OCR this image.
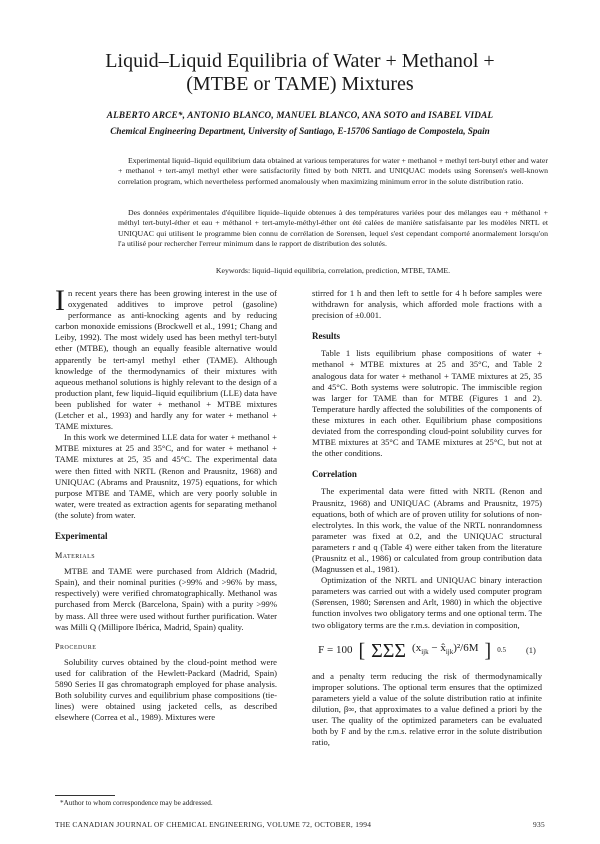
Liquid–Liquid Equilibria of Water + Methanol +
(MTBE or TAME) Mixtures
ALBERTO ARCE*, ANTONIO BLANCO, MANUEL BLANCO, ANA SOTO and ISABEL VIDAL
Chemical Engineering Department, University of Santiago, E-15706 Santiago de Compostela, Spain

Experimental liquid–liquid equilibrium data obtained at various temperatures for water + methanol + methyl tert-butyl ether and water + methanol + tert-amyl methyl ether were satisfactorily fitted by both NRTL and UNIQUAC models using Sorensen's well-known correlation program, which nevertheless performed anomalously when maximizing minimum error in the solute distribution ratio.

Des données expérimentales d'équilibre liquide–liquide obtenues à des températures variées pour des mélanges eau + méthanol + méthyl tert-butyl-éther et eau + méthanol + tert-amyle-méthyl-éther ont été calées de manière satisfaisante par les modèles NRTL et UNIQUAC qui utilisent le programme bien connu de corrélation de Sorensen, lequel s'est cependant comporté anormalement lorsqu'on l'a utilisé pour rechercher l'erreur minimum dans le rapport de distribution des solutés.

Keywords: liquid–liquid equilibria, correlation, prediction, MTBE, TAME.

I n recent years there has been growing interest in the use of oxygenated additives to improve petrol (gasoline) performance as anti-knocking agents and by reducing carbon monoxide emissions (Brockwell et al., 1991; Chang and Leiby, 1992). The most widely used has been methyl tert-butyl ether (MTBE), though an equally feasible alternative would apparently be tert-amyl methyl ether (TAME). Although knowledge of the thermodynamics of their mixtures with aqueous methanol solutions is highly relevant to the design of a production plant, few liquid–liquid equilibrium (LLE) data have been published for water + methanol + MTBE mixtures (Letcher et al., 1993) and hardly any for water + methanol + TAME mixtures.

In this work we determined LLE data for water + methanol + MTBE mixtures at 25 and 35°C, and for water + methanol + TAME mixtures at 25, 35 and 45°C. The experimental data were then fitted with NRTL (Renon and Prausnitz, 1968) and UNIQUAC (Abrams and Prausnitz, 1975) equations, for which purpose MTBE and TAME, which are very poorly soluble in water, were treated as extraction agents for separating methanol (the solute) from water.

Experimental
Materials

MTBE and TAME were purchased from Aldrich (Madrid, Spain), and their nominal purities (>99% and >96% by mass, respectively) were verified chromatographically. Methanol was purchased from Merck (Barcelona, Spain) with a purity >99% by mass. All three were used without further purification. Water was Milli Q (Millipore Ibérica, Madrid, Spain) quality.

Procedure

Solubility curves obtained by the cloud-point method were used for calibration of the Hewlett-Packard (Madrid, Spain) 5890 Series II gas chromatograph employed for phase analysis. Both solubility curves and equilibrium phase compositions (tie-lines) were obtained using jacketed cells, as described elsewhere (Correa et al., 1989). Mixtures were

stirred for 1 h and then left to settle for 4 h before samples were withdrawn for analysis, which afforded mole fractions with a precision of ±0.001.

Results

Table 1 lists equilibrium phase compositions of water + methanol + MTBE mixtures at 25 and 35°C, and Table 2 analogous data for water + methanol + TAME mixtures at 25, 35 and 45°C. Both systems were solutropic. The immiscible region was larger for TAME than for MTBE (Figures 1 and 2). Temperature hardly affected the solubilities of the components of these mixtures in each other. Equilibrium phase compositions deviated from the corresponding cloud-point solubility curves for MTBE mixtures at 35°C and TAME mixtures at 25°C, but not at the other conditions.

Correlation

The experimental data were fitted with NRTL (Renon and Prausnitz, 1968) and UNIQUAC (Abrams and Prausnitz, 1975) equations, both of which are of proven utility for solutions of non-electrolytes. In this work, the value of the NRTL nonrandomness parameter was fixed at 0.2, and the UNIQUAC structural parameters r and q (Table 4) were either taken from the literature (Prausnitz et al., 1986) or calculated from group contribution data (Magnussen et al., 1981).

Optimization of the NRTL and UNIQUAC binary interaction parameters was carried out with a widely used computer program (Sørensen, 1980; Sørensen and Arlt, 1980) in which the objective function involves two obligatory terms and one optional term. The two obligatory terms are the r.m.s. deviation in composition,

F = 100 [ ΣΣΣ ($x_{ijk}$ − $x̂_{ijk})^2/6M$ ] 0.5 (1)

and a penalty term reducing the risk of thermodynamically improper solutions. The optional term ensures that the optimized parameters yield a value of the solute distribution ratio at infinite dilution, β∞, that approximates to a value defined a priori by the user. The quality of the optimized parameters can be evaluated both by F and by the r.m.s. relative error in the solute distribution ratio,

*Author to whom correspondence may be addressed.
THE CANADIAN JOURNAL OF CHEMICAL ENGINEERING, VOLUME 72, OCTOBER, 1994	935
